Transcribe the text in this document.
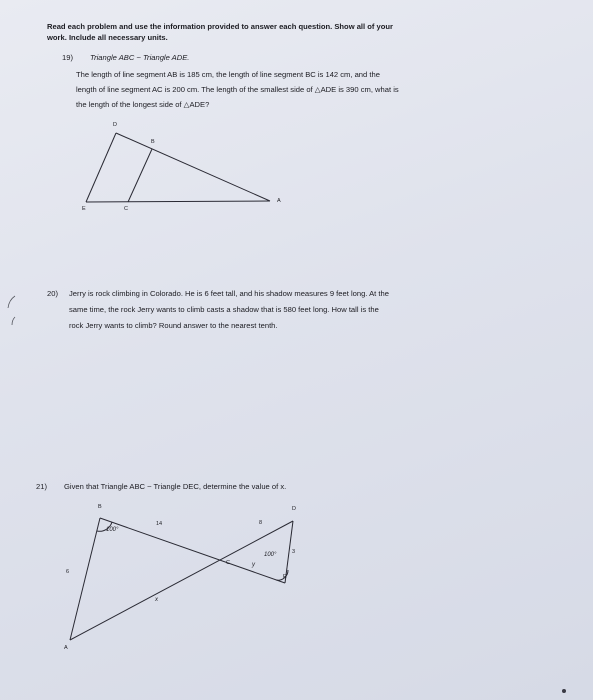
Read each problem and use the information provided to answer each question. Show all of your
work. Include all necessary units.
19) Triangle ABC ~ Triangle ADE.
The length of line segment AB is 185 cm, the length of line segment BC is 142 cm, and the
length of line segment AC is 200 cm. The length of the smallest side of △ADE is 390 cm, what is
the length of the longest side of △ADE?
D
B
E	C
A
20) Jerry is rock climbing in Colorado. He is 6 feet tall, and his shadow measures 9 feet long. At the
same time, the rock Jerry wants to climb casts a shadow that is 580 feet long. How tall is the
rock Jerry wants to climb? Round answer to the nearest tenth.
21) Given that Triangle ABC ~ Triangle DEC, determine the value of x.
B	D
A
C
E
100°
100°
14	8
6
3
x
y
